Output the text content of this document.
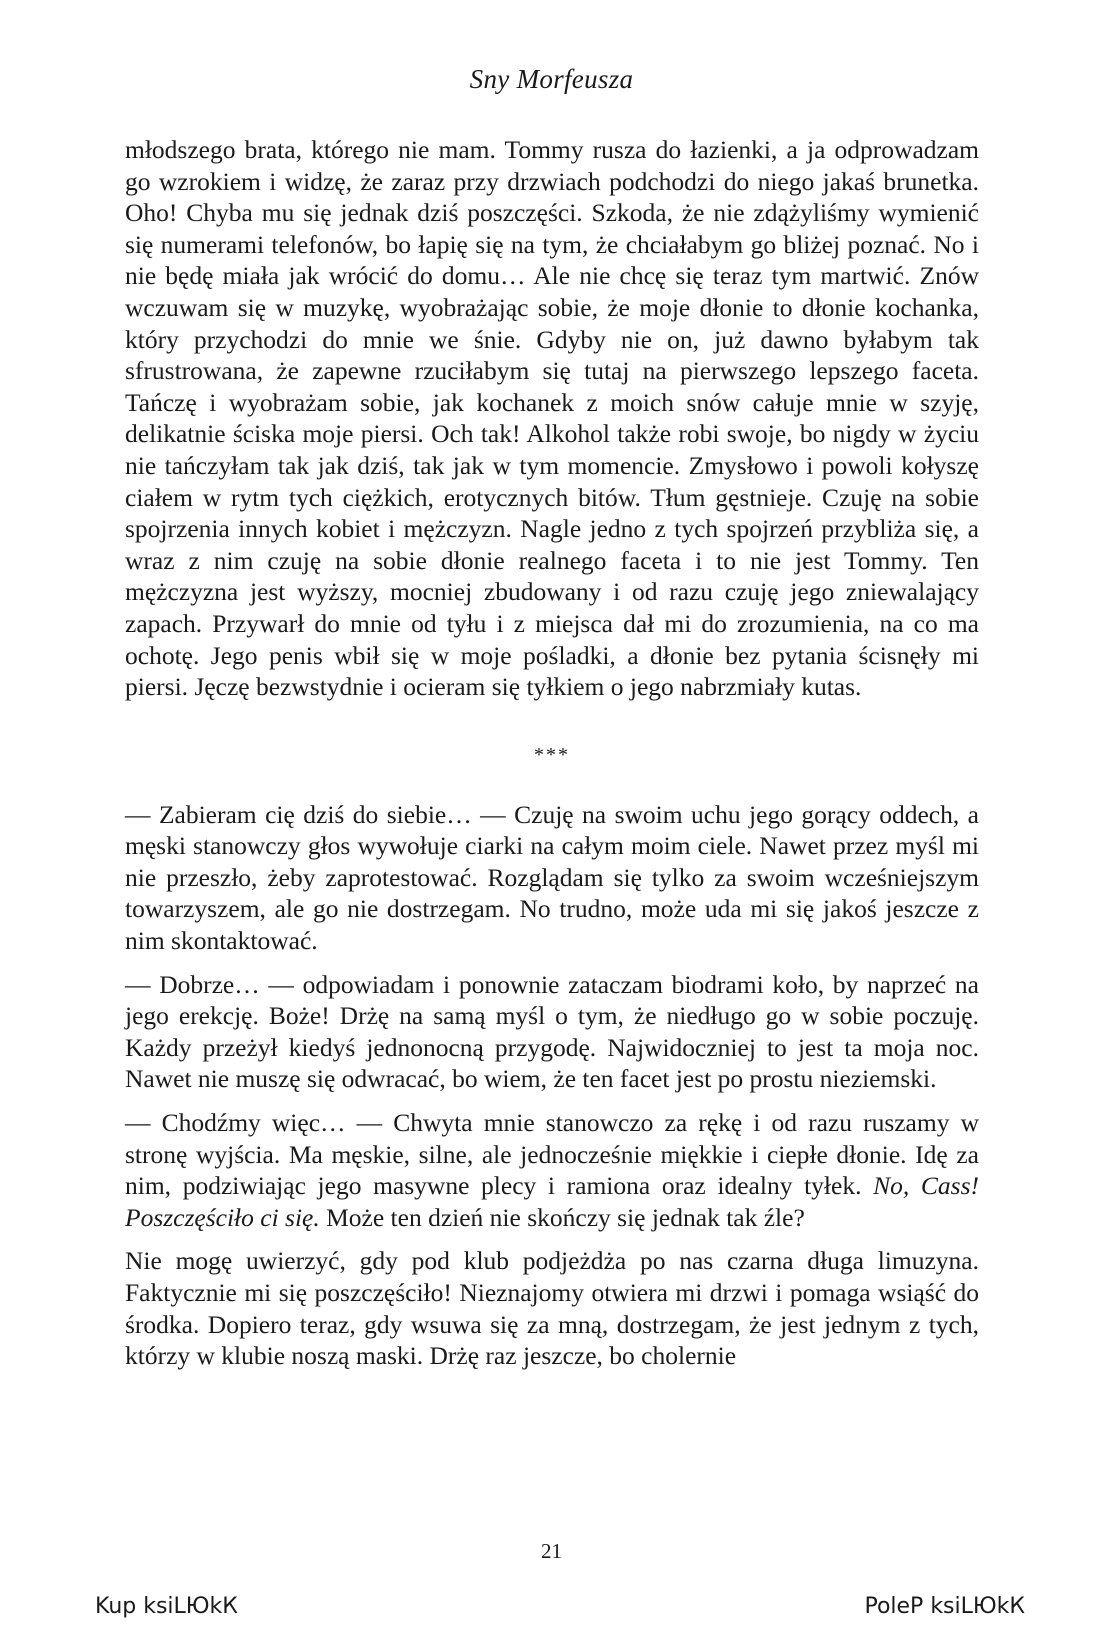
Sny Morfeusza

młodszego brata, którego nie mam. Tommy rusza do łazienki, a ja odprowadzam go wzrokiem i widzę, że zaraz przy drzwiach podchodzi do niego jakaś brunetka. Oho! Chyba mu się jednak dziś poszczęści. Szkoda, że nie zdążyliśmy wymienić się numerami telefonów, bo łapię się na tym, że chciałabym go bliżej poznać. No i nie będę miała jak wrócić do domu… Ale nie chcę się teraz tym martwić. Znów wczuwam się w muzykę, wyobrażając sobie, że moje dłonie to dłonie kochanka, który przychodzi do mnie we śnie. Gdyby nie on, już dawno byłabym tak sfrustrowana, że zapewne rzuciłabym się tutaj na pierwszego lepszego faceta. Tańczę i wyobrażam sobie, jak kochanek z moich snów całuje mnie w szyję, delikatnie ściska moje piersi. Och tak! Alkohol także robi swoje, bo nigdy w życiu nie tańczyłam tak jak dziś, tak jak w tym momencie. Zmysłowo i powoli kołyszę ciałem w rytm tych ciężkich, erotycznych bitów. Tłum gęstnieje. Czuję na sobie spojrzenia innych kobiet i mężczyzn. Nagle jedno z tych spojrzeń przybliża się, a wraz z nim czuję na sobie dłonie realnego faceta i to nie jest Tommy. Ten mężczyzna jest wyższy, mocniej zbudowany i od razu czuję jego zniewalający zapach. Przywarł do mnie od tyłu i z miejsca dał mi do zrozumienia, na co ma ochotę. Jego penis wbił się w moje pośladki, a dłonie bez pytania ścisnęły mi piersi. Jęczę bezwstydnie i ocieram się tyłkiem o jego nabrzmiały kutas.

***

— Zabieram cię dziś do siebie… — Czuję na swoim uchu jego gorący oddech, a męski stanowczy głos wywołuje ciarki na całym moim ciele. Nawet przez myśl mi nie przeszło, żeby zaprotestować. Rozglądam się tylko za swoim wcześniejszym towarzyszem, ale go nie dostrzegam. No trudno, może uda mi się jakoś jeszcze z nim skontaktować.

— Dobrze… — odpowiadam i ponownie zataczam biodrami koło, by naprzeć na jego erekcję. Boże! Drżę na samą myśl o tym, że niedługo go w sobie poczuję. Każdy przeżył kiedyś jednonocną przygodę. Najwidoczniej to jest ta moja noc. Nawet nie muszę się odwracać, bo wiem, że ten facet jest po prostu nieziemski.

— Chodźmy więc… — Chwyta mnie stanowczo za rękę i od razu ruszamy w stronę wyjścia. Ma męskie, silne, ale jednocześnie miękkie i ciepłe dłonie. Idę za nim, podziwiając jego masywne plecy i ramiona oraz idealny tyłek. No, Cass! Poszczęściło ci się. Może ten dzień nie skończy się jednak tak źle?

Nie mogę uwierzyć, gdy pod klub podjeżdża po nas czarna długa limuzyna. Faktycznie mi się poszczęściło! Nieznajomy otwiera mi drzwi i pomaga wsiąść do środka. Dopiero teraz, gdy wsuwa się za mną, dostrzegam, że jest jednym z tych, którzy w klubie noszą maski. Drżę raz jeszcze, bo cholernie

21
Kup ksiLЮkК	PoleP ksiLЮkК
